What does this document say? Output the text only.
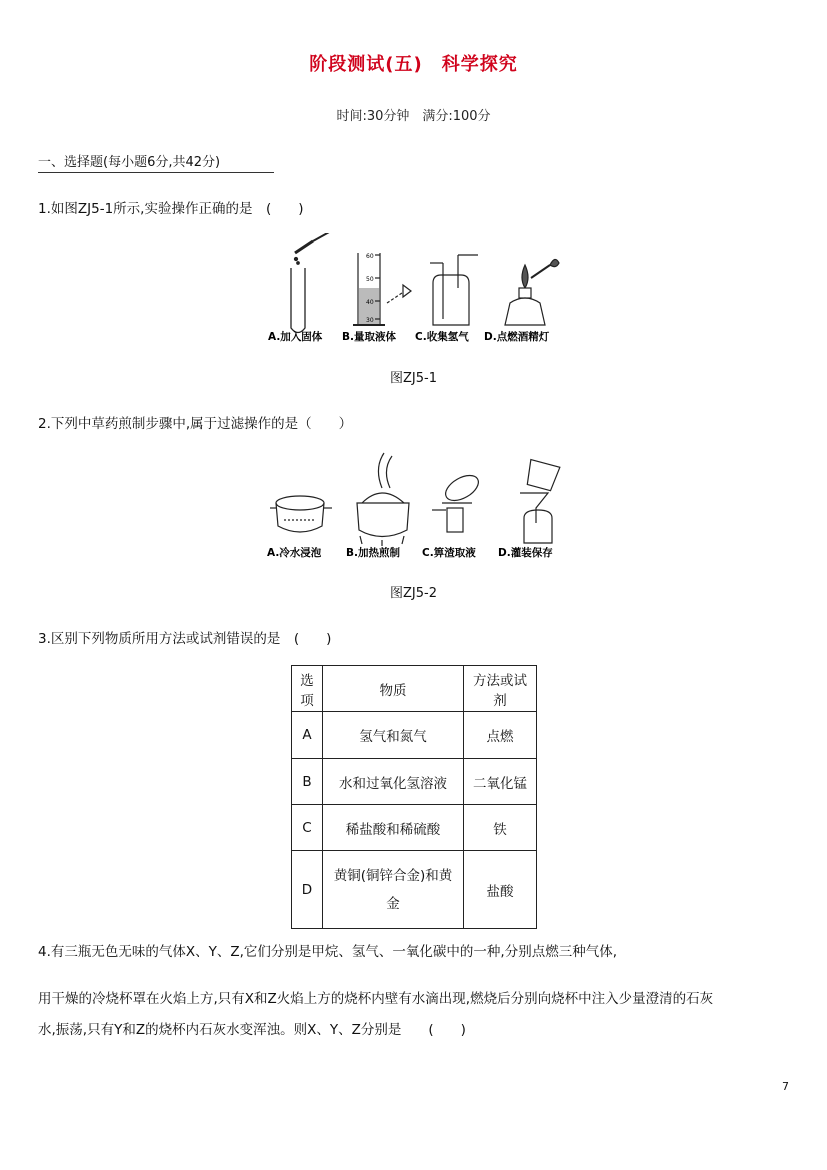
阶段测试(五)　科学探究
时间:30分钟　满分:100分
一、选择题(每小题6分,共42分)
1.如图ZJ5-1所示,实验操作正确的是　(　　)
60
50
40
30
A.加入固体 B.量取液体 C.收集氢气 D.点燃酒精灯
图ZJ5-1
2.下列中草药煎制步骤中,属于过滤操作的是（　　）
A.冷水浸泡 B.加热煎制 C.箅渣取液 D.灌装保存
图ZJ5-2
3.区别下列物质所用方法或试剂错误的是　(　　)
选项	物质	方法或试剂
A	氢气和氮气	点燃
B	水和过氧化氢溶液	二氧化锰
C	稀盐酸和稀硫酸	铁
D	黄铜(铜锌合金)和黄金	盐酸
4.有三瓶无色无味的气体X、Y、Z,它们分别是甲烷、氢气、一氧化碳中的一种,分别点燃三种气体,
用干燥的冷烧杯罩在火焰上方,只有X和Z火焰上方的烧杯内壁有水滴出现,燃烧后分别向烧杯中注入少量澄清的石灰
水,振荡,只有Y和Z的烧杯内石灰水变浑浊。则X、Y、Z分别是　　(　　)
7
